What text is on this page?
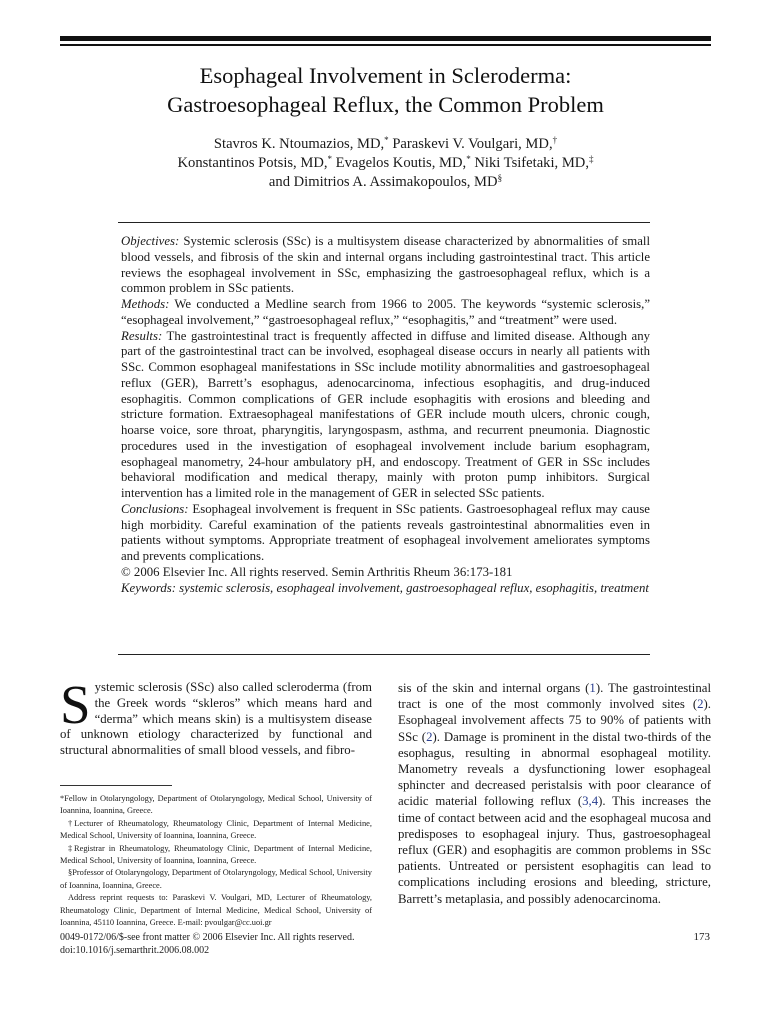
Esophageal Involvement in Scleroderma:
Gastroesophageal Reflux, the Common Problem
Stavros K. Ntoumazios, MD,* Paraskevi V. Voulgari, MD,†
Konstantinos Potsis, MD,* Evagelos Koutis, MD,* Niki Tsifetaki, MD,‡
and Dimitrios A. Assimakopoulos, MD§

Objectives: Systemic sclerosis (SSc) is a multisystem disease characterized by abnormalities of small blood vessels, and fibrosis of the skin and internal organs including gastrointestinal tract. This article reviews the esophageal involvement in SSc, emphasizing the gastroesophageal reflux, which is a common problem in SSc patients.

Methods: We conducted a Medline search from 1966 to 2005. The keywords “systemic sclerosis,” “esophageal involvement,” “gastroesophageal reflux,” “esophagitis,” and “treatment” were used.

Results: The gastrointestinal tract is frequently affected in diffuse and limited disease. Although any part of the gastrointestinal tract can be involved, esophageal disease occurs in nearly all patients with SSc. Common esophageal manifestations in SSc include motility abnormalities and gastroesophageal reflux (GER), Barrett’s esophagus, adenocarcinoma, infectious esophagitis, and drug-induced esophagitis. Common complications of GER include esophagitis with erosions and bleeding and stricture formation. Extraesophageal manifestations of GER include mouth ulcers, chronic cough, hoarse voice, sore throat, pharyngitis, laryngospasm, asthma, and recurrent pneumonia. Diagnostic procedures used in the investigation of esophageal involvement include barium esophagram, esophageal manometry, 24-hour ambulatory pH, and endoscopy. Treatment of GER in SSc includes behavioral modification and medical therapy, mainly with proton pump inhibitors. Surgical intervention has a limited role in the management of GER in selected SSc patients.

Conclusions: Esophageal involvement is frequent in SSc patients. Gastroesophageal reflux may cause high morbidity. Careful examination of the patients reveals gastrointestinal abnormalities even in patients without symptoms. Appropriate treatment of esophageal involvement ameliorates symptoms and prevents complications.

© 2006 Elsevier Inc. All rights reserved. Semin Arthritis Rheum 36:173-181

Keywords: systemic sclerosis, esophageal involvement, gastroesophageal reflux, esophagitis, treatment

Systemic sclerosis (SSc) also called scleroderma (from the Greek words “skleros” which means hard and “derma” which means skin) is a multisystem disease of unknown etiology characterized by functional and structural abnormalities of small blood vessels, and fibro-

*Fellow in Otolaryngology, Department of Otolaryngology, Medical School, University of Ioannina, Ioannina, Greece.

†Lecturer of Rheumatology, Rheumatology Clinic, Department of Internal Medicine, Medical School, University of Ioannina, Ioannina, Greece.

‡Registrar in Rheumatology, Rheumatology Clinic, Department of Internal Medicine, Medical School, University of Ioannina, Ioannina, Greece.

§Professor of Otolaryngology, Department of Otolaryngology, Medical School, University of Ioannina, Ioannina, Greece.

Address reprint requests to: Paraskevi V. Voulgari, MD, Lecturer of Rheumatology, Rheumatology Clinic, Department of Internal Medicine, Medical School, University of Ioannina, 45110 Ioannina, Greece. E-mail: pvoulgar@cc.uoi.gr

sis of the skin and internal organs (1). The gastrointestinal tract is one of the most commonly involved sites (2). Esophageal involvement affects 75 to 90% of patients with SSc (2). Damage is prominent in the distal two-thirds of the esophagus, resulting in abnormal esophageal motility. Manometry reveals a dysfunctioning lower esophageal sphincter and decreased peristalsis with poor clearance of acidic material following reflux (3,4). This increases the time of contact between acid and the esophageal mucosa and predisposes to esophageal injury. Thus, gastroesophageal reflux (GER) and esophagitis are common problems in SSc patients. Untreated or persistent esophagitis can lead to complications including erosions and bleeding, stricture, Barrett’s metaplasia, and possibly adenocarcinoma.
0049-0172/06/$-see front matter © 2006 Elsevier Inc. All rights reserved.
doi:10.1016/j.semarthrit.2006.08.002
173
